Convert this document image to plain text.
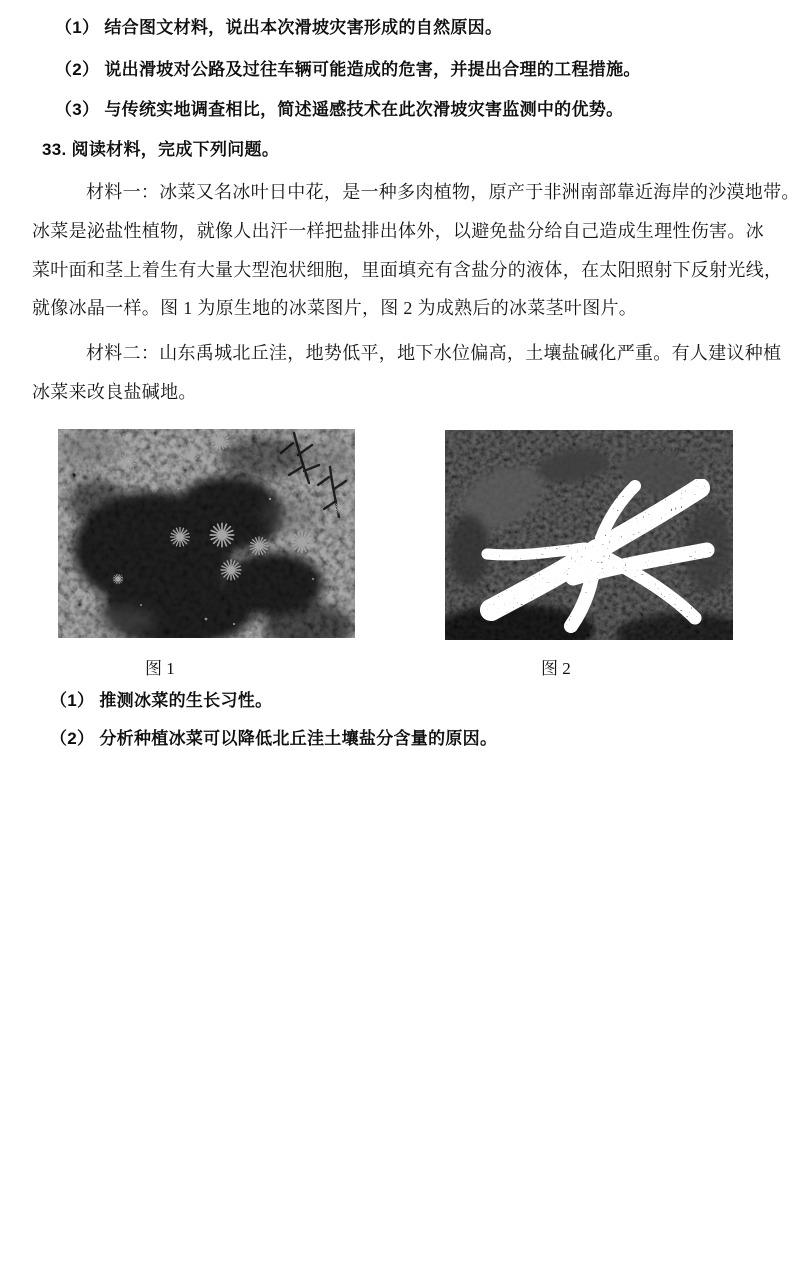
（1） 结合图文材料，说出本次滑坡灾害形成的自然原因。
（2） 说出滑坡对公路及过往车辆可能造成的危害，并提出合理的工程措施。
（3） 与传统实地调查相比，简述遥感技术在此次滑坡灾害监测中的优势。
33. 阅读材料，完成下列问题。
材料一：冰菜又名冰叶日中花，是一种多肉植物，原产于非洲南部靠近海岸的沙漠地带。
冰菜是泌盐性植物，就像人出汗一样把盐排出体外，以避免盐分给自己造成生理性伤害。冰
菜叶面和茎上着生有大量大型泡状细胞，里面填充有含盐分的液体，在太阳照射下反射光线，
就像冰晶一样。图 1 为原生地的冰菜图片，图 2 为成熟后的冰菜茎叶图片。
材料二：山东禹城北丘洼，地势低平，地下水位偏高，土壤盐碱化严重。有人建议种植
冰菜来改良盐碱地。
图 1	图 2
（1） 推测冰菜的生长习性。
（2） 分析种植冰菜可以降低北丘洼土壤盐分含量的原因。
